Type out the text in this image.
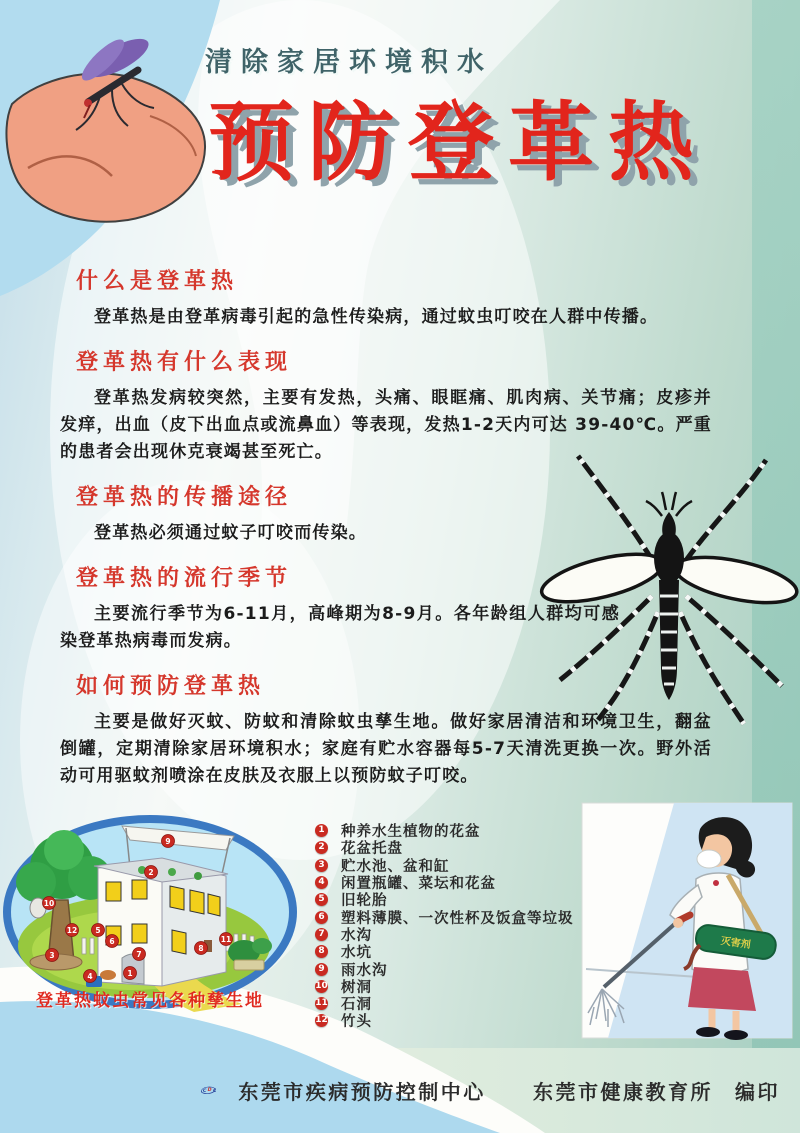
清除家居环境积水
预防登革热
什么是登革热

登革热是由登革病毒引起的急性传染病，通过蚊虫叮咬在人群中传播。

登革热有什么表现

登革热发病较突然，主要有发热，头痛、眼眶痛、肌肉病、关节痛；皮疹并发痒，出血（皮下出血点或流鼻血）等表现，发热1-2天内可达 39-40℃。严重的患者会出现休克衰竭甚至死亡。

登革热的传播途径

登革热必须通过蚊子叮咬而传染。

登革热的流行季节

主要流行季节为6-11月，高峰期为8-9月。各年龄组人群均可感染登革热病毒而发病。

如何预防登革热

主要是做好灭蚊、防蚊和清除蚊虫孳生地。做好家居清洁和环境卫生，翻盆倒罐，定期清除家居环境积水；家庭有贮水容器每5-7天清洗更换一次。野外活动可用驱蚊剂喷涂在皮肤及衣服上以预防蚊子叮咬。

1
2
3
4
5
6
7
8
9
10
11
12
登革热蚊虫常见各种孳生地
1 种养水生植物的花盆
2 花盆托盘
3 贮水池、盆和缸
4 闲置瓶罐、菜坛和花盆
5 旧轮胎
6 塑料薄膜、一次性杯及饭盒等垃圾
7 水沟
8 水坑
9 雨水沟
10 树洞
11 石洞
12 竹头
灭害剂
C D C 东莞市疾病预防控制中心 东莞市健康教育所 编印
